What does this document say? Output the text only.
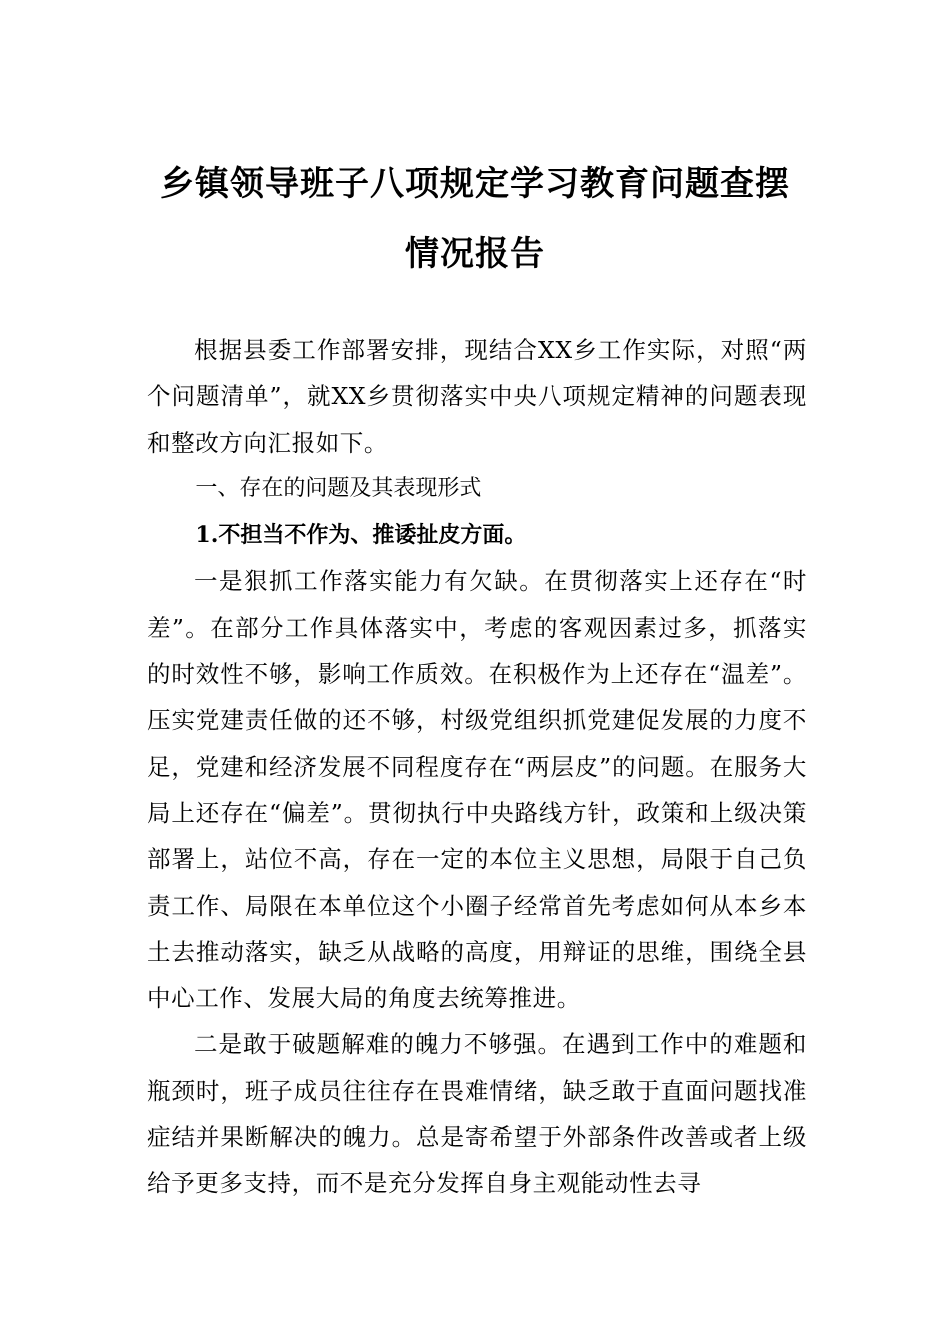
乡镇领导班子八项规定学习教育问题查摆
情况报告

根据县委工作部署安排，现结合XX乡工作实际，对照“两个问题清单”，就XX乡贯彻落实中央八项规定精神的问题表现和整改方向汇报如下。

一、存在的问题及其表现形式

1.不担当不作为、推诿扯皮方面。

一是狠抓工作落实能力有欠缺。在贯彻落实上还存在“时差”。在部分工作具体落实中，考虑的客观因素过多，抓落实的时效性不够，影响工作质效。在积极作为上还存在“温差”。压实党建责任做的还不够，村级党组织抓党建促发展的力度不足，党建和经济发展不同程度存在“两层皮”的问题。在服务大局上还存在“偏差”。贯彻执行中央路线方针，政策和上级决策部署上，站位不高，存在一定的本位主义思想，局限于自己负责工作、局限在本单位这个小圈子经常首先考虑如何从本乡本土去推动落实，缺乏从战略的高度，用辩证的思维，围绕全县中心工作、发展大局的角度去统筹推进。

二是敢于破题解难的魄力不够强。在遇到工作中的难题和瓶颈时，班子成员往往存在畏难情绪，缺乏敢于直面问题找准症结并果断解决的魄力。总是寄希望于外部条件改善或者上级给予更多支持，而不是充分发挥自身主观能动性去寻
